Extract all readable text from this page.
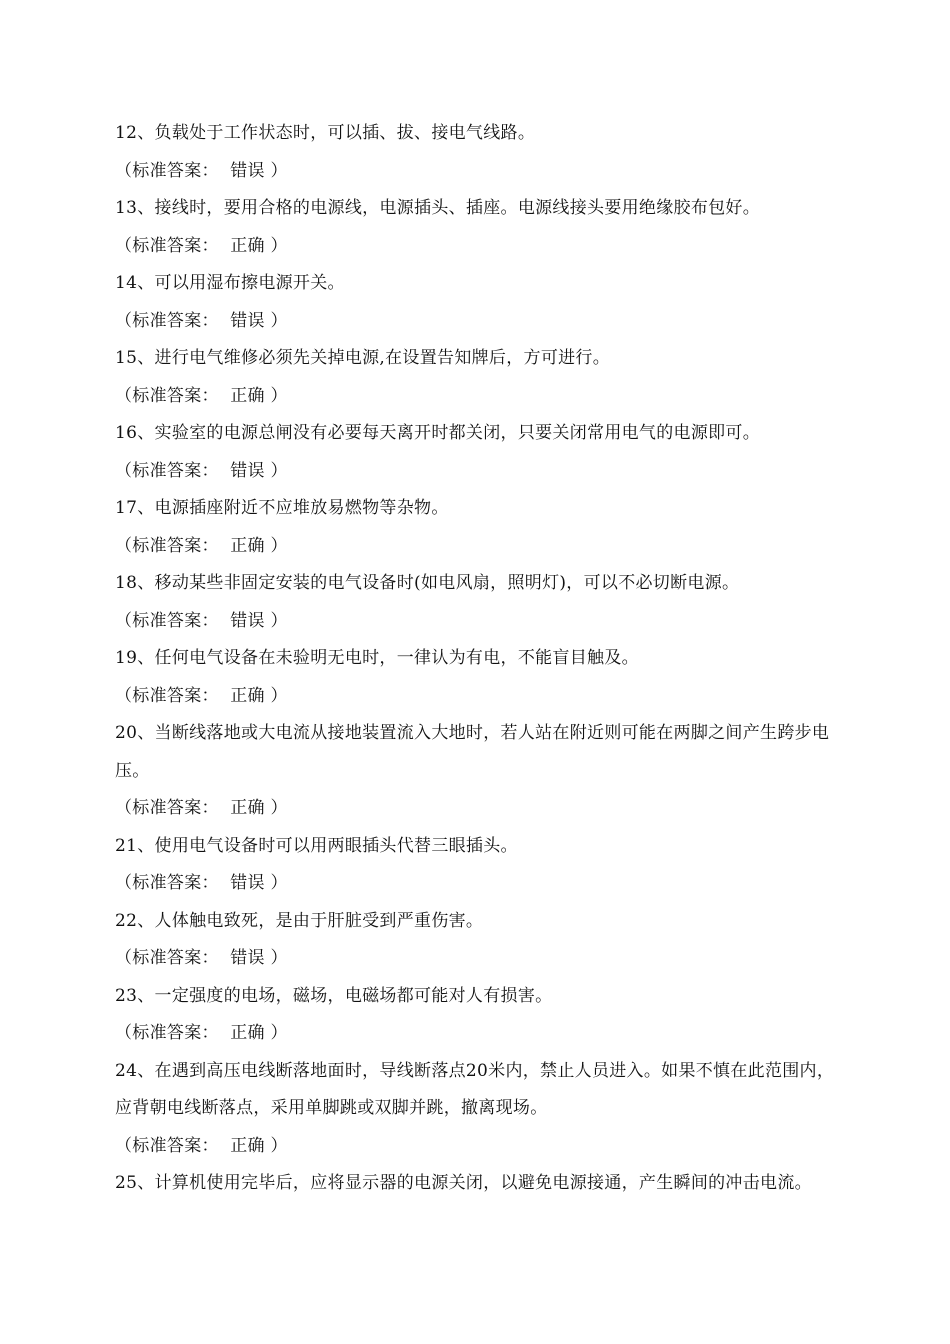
12、负载处于工作状态时，可以插、拔、接电气线路。

（标准答案：  错误 ）

13、接线时，要用合格的电源线，电源插头、插座。电源线接头要用绝缘胶布包好。

（标准答案：  正确 ）

14、可以用湿布擦电源开关。

（标准答案：  错误 ）

15、进行电气维修必须先关掉电源,在设置告知牌后，方可进行。

（标准答案：  正确 ）

16、实验室的电源总闸没有必要每天离开时都关闭，只要关闭常用电气的电源即可。

（标准答案：  错误 ）

17、电源插座附近不应堆放易燃物等杂物。

（标准答案：  正确 ）

18、移动某些非固定安装的电气设备时(如电风扇，照明灯)，可以不必切断电源。

（标准答案：  错误 ）

19、任何电气设备在未验明无电时，一律认为有电，不能盲目触及。

（标准答案：  正确 ）

20、当断线落地或大电流从接地装置流入大地时，若人站在附近则可能在两脚之间产生跨步电压。

（标准答案：  正确 ）

21、使用电气设备时可以用两眼插头代替三眼插头。

（标准答案：  错误 ）

22、人体触电致死，是由于肝脏受到严重伤害。

（标准答案：  错误 ）

23、一定强度的电场，磁场，电磁场都可能对人有损害。

（标准答案：  正确 ）

24、在遇到高压电线断落地面时，导线断落点20米内，禁止人员进入。如果不慎在此范围内，应背朝电线断落点，采用单脚跳或双脚并跳，撤离现场。

（标准答案：  正确 ）

25、计算机使用完毕后，应将显示器的电源关闭，以避免电源接通，产生瞬间的冲击电流。
